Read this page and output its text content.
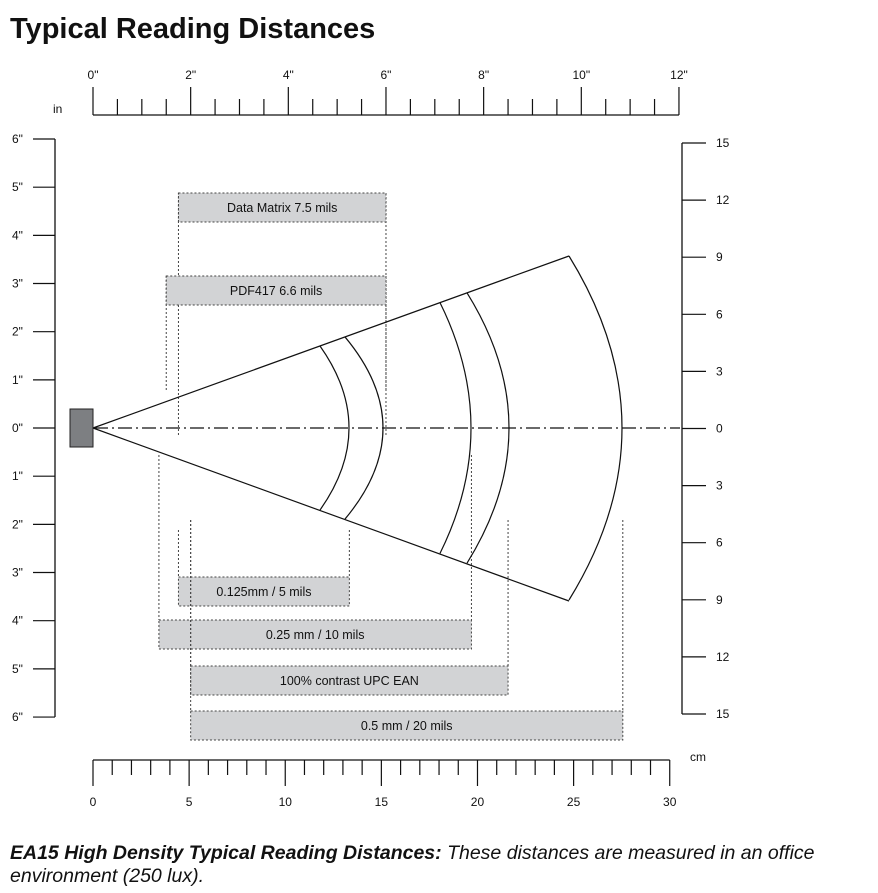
Typical Reading Distances
in
0"	2"	4"	6"	8"	10"	12"
cm
0	5	10	15	20	25	30
6"
5"
4"
3"
2"
1"
0"
1"
2"
3"
4"
5"
6"
15
12
9
6
3
0
3
6
9
12
15
Data Matrix 7.5 mils
PDF417 6.6 mils
0.125mm / 5 mils
0.25 mm / 10 mils
100% contrast UPC EAN
0.5 mm / 20 mils
EA15 High Density Typical Reading Distances: These distances are measured in an office environment (250 lux).
